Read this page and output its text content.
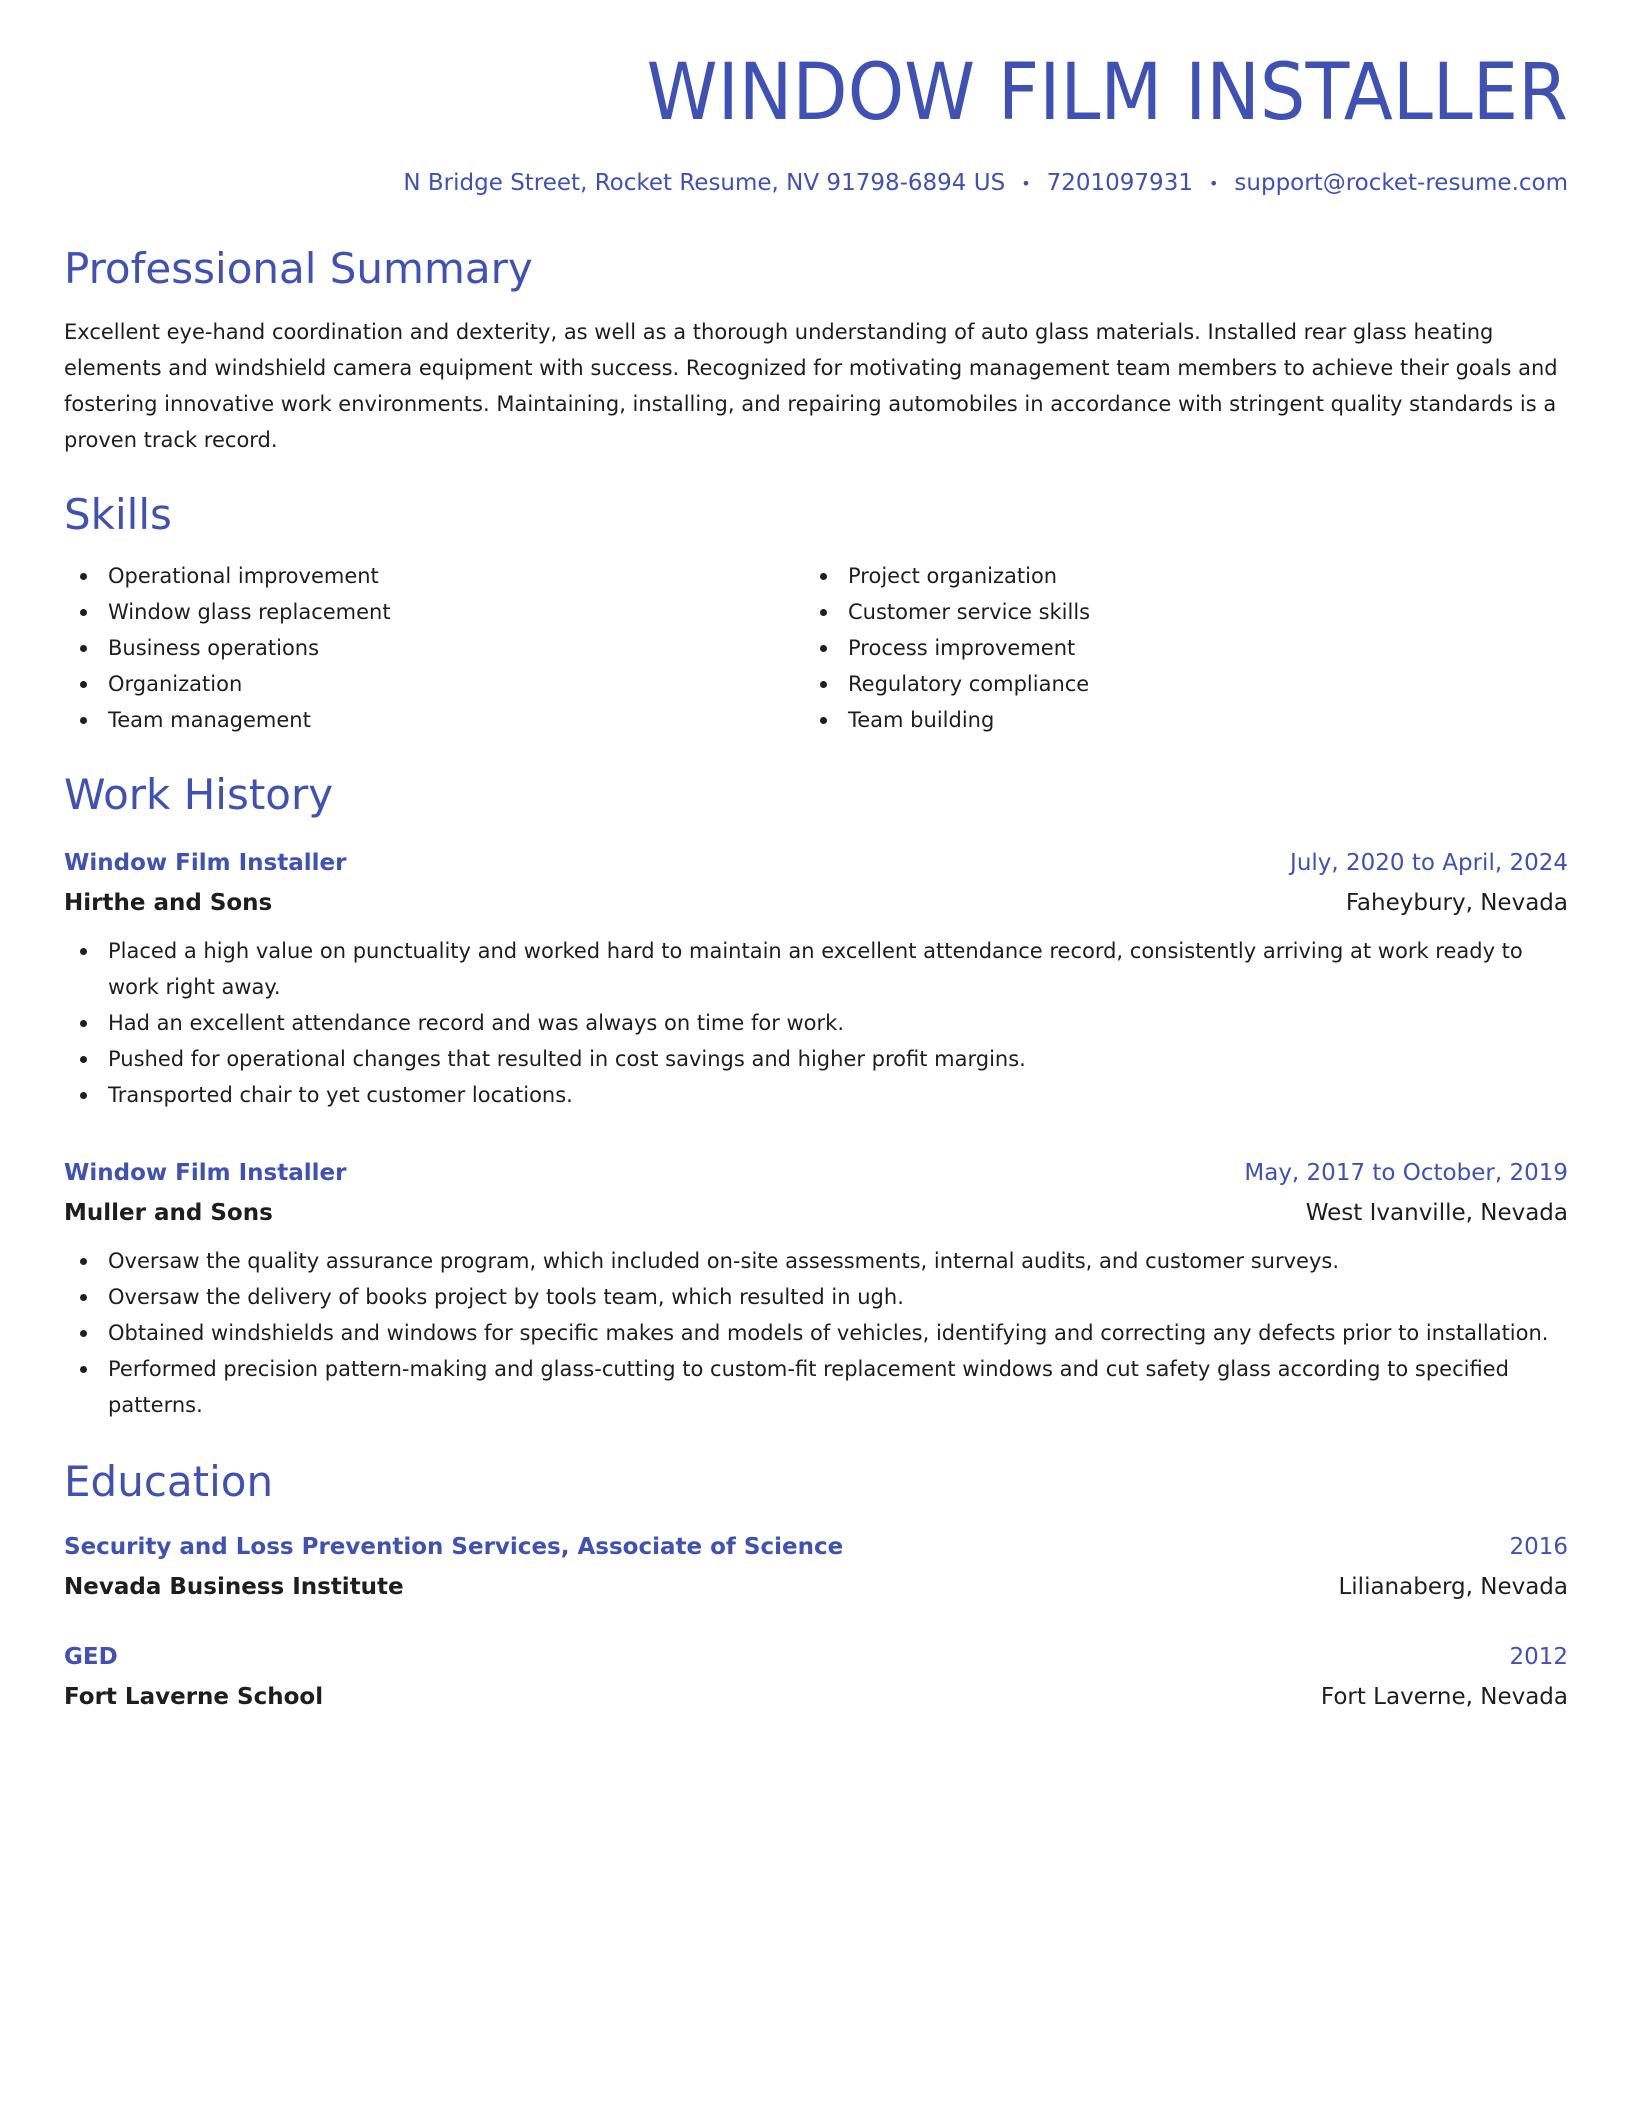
WINDOW FILM INSTALLER
N Bridge Street, Rocket Resume, NV 91798-6894 US • 7201097931 • support@rocket-resume.com
Professional Summary
Excellent eye-hand coordination and dexterity, as well as a thorough understanding of auto glass materials. Installed rear glass heating elements and windshield camera equipment with success. Recognized for motivating management team members to achieve their goals and fostering innovative work environments. Maintaining, installing, and repairing automobiles in accordance with stringent quality standards is a proven track record.
Skills
Operational improvement
Window glass replacement
Business operations
Organization
Team management
Project organization
Customer service skills
Process improvement
Regulatory compliance
Team building
Work History
Window Film Installer	July, 2020 to April, 2024
Hirthe and Sons	Faheybury, Nevada
Placed a high value on punctuality and worked hard to maintain an excellent attendance record, consistently arriving at work ready to work right away.
Had an excellent attendance record and was always on time for work.
Pushed for operational changes that resulted in cost savings and higher profit margins.
Transported chair to yet customer locations.
Window Film Installer	May, 2017 to October, 2019
Muller and Sons	West Ivanville, Nevada
Oversaw the quality assurance program, which included on-site assessments, internal audits, and customer surveys.
Oversaw the delivery of books project by tools team, which resulted in ugh.
Obtained windshields and windows for specific makes and models of vehicles, identifying and correcting any defects prior to installation.
Performed precision pattern-making and glass-cutting to custom-fit replacement windows and cut safety glass according to specified patterns.
Education
Security and Loss Prevention Services, Associate of Science	2016
Nevada Business Institute	Lilianaberg, Nevada
GED	2012
Fort Laverne School	Fort Laverne, Nevada
